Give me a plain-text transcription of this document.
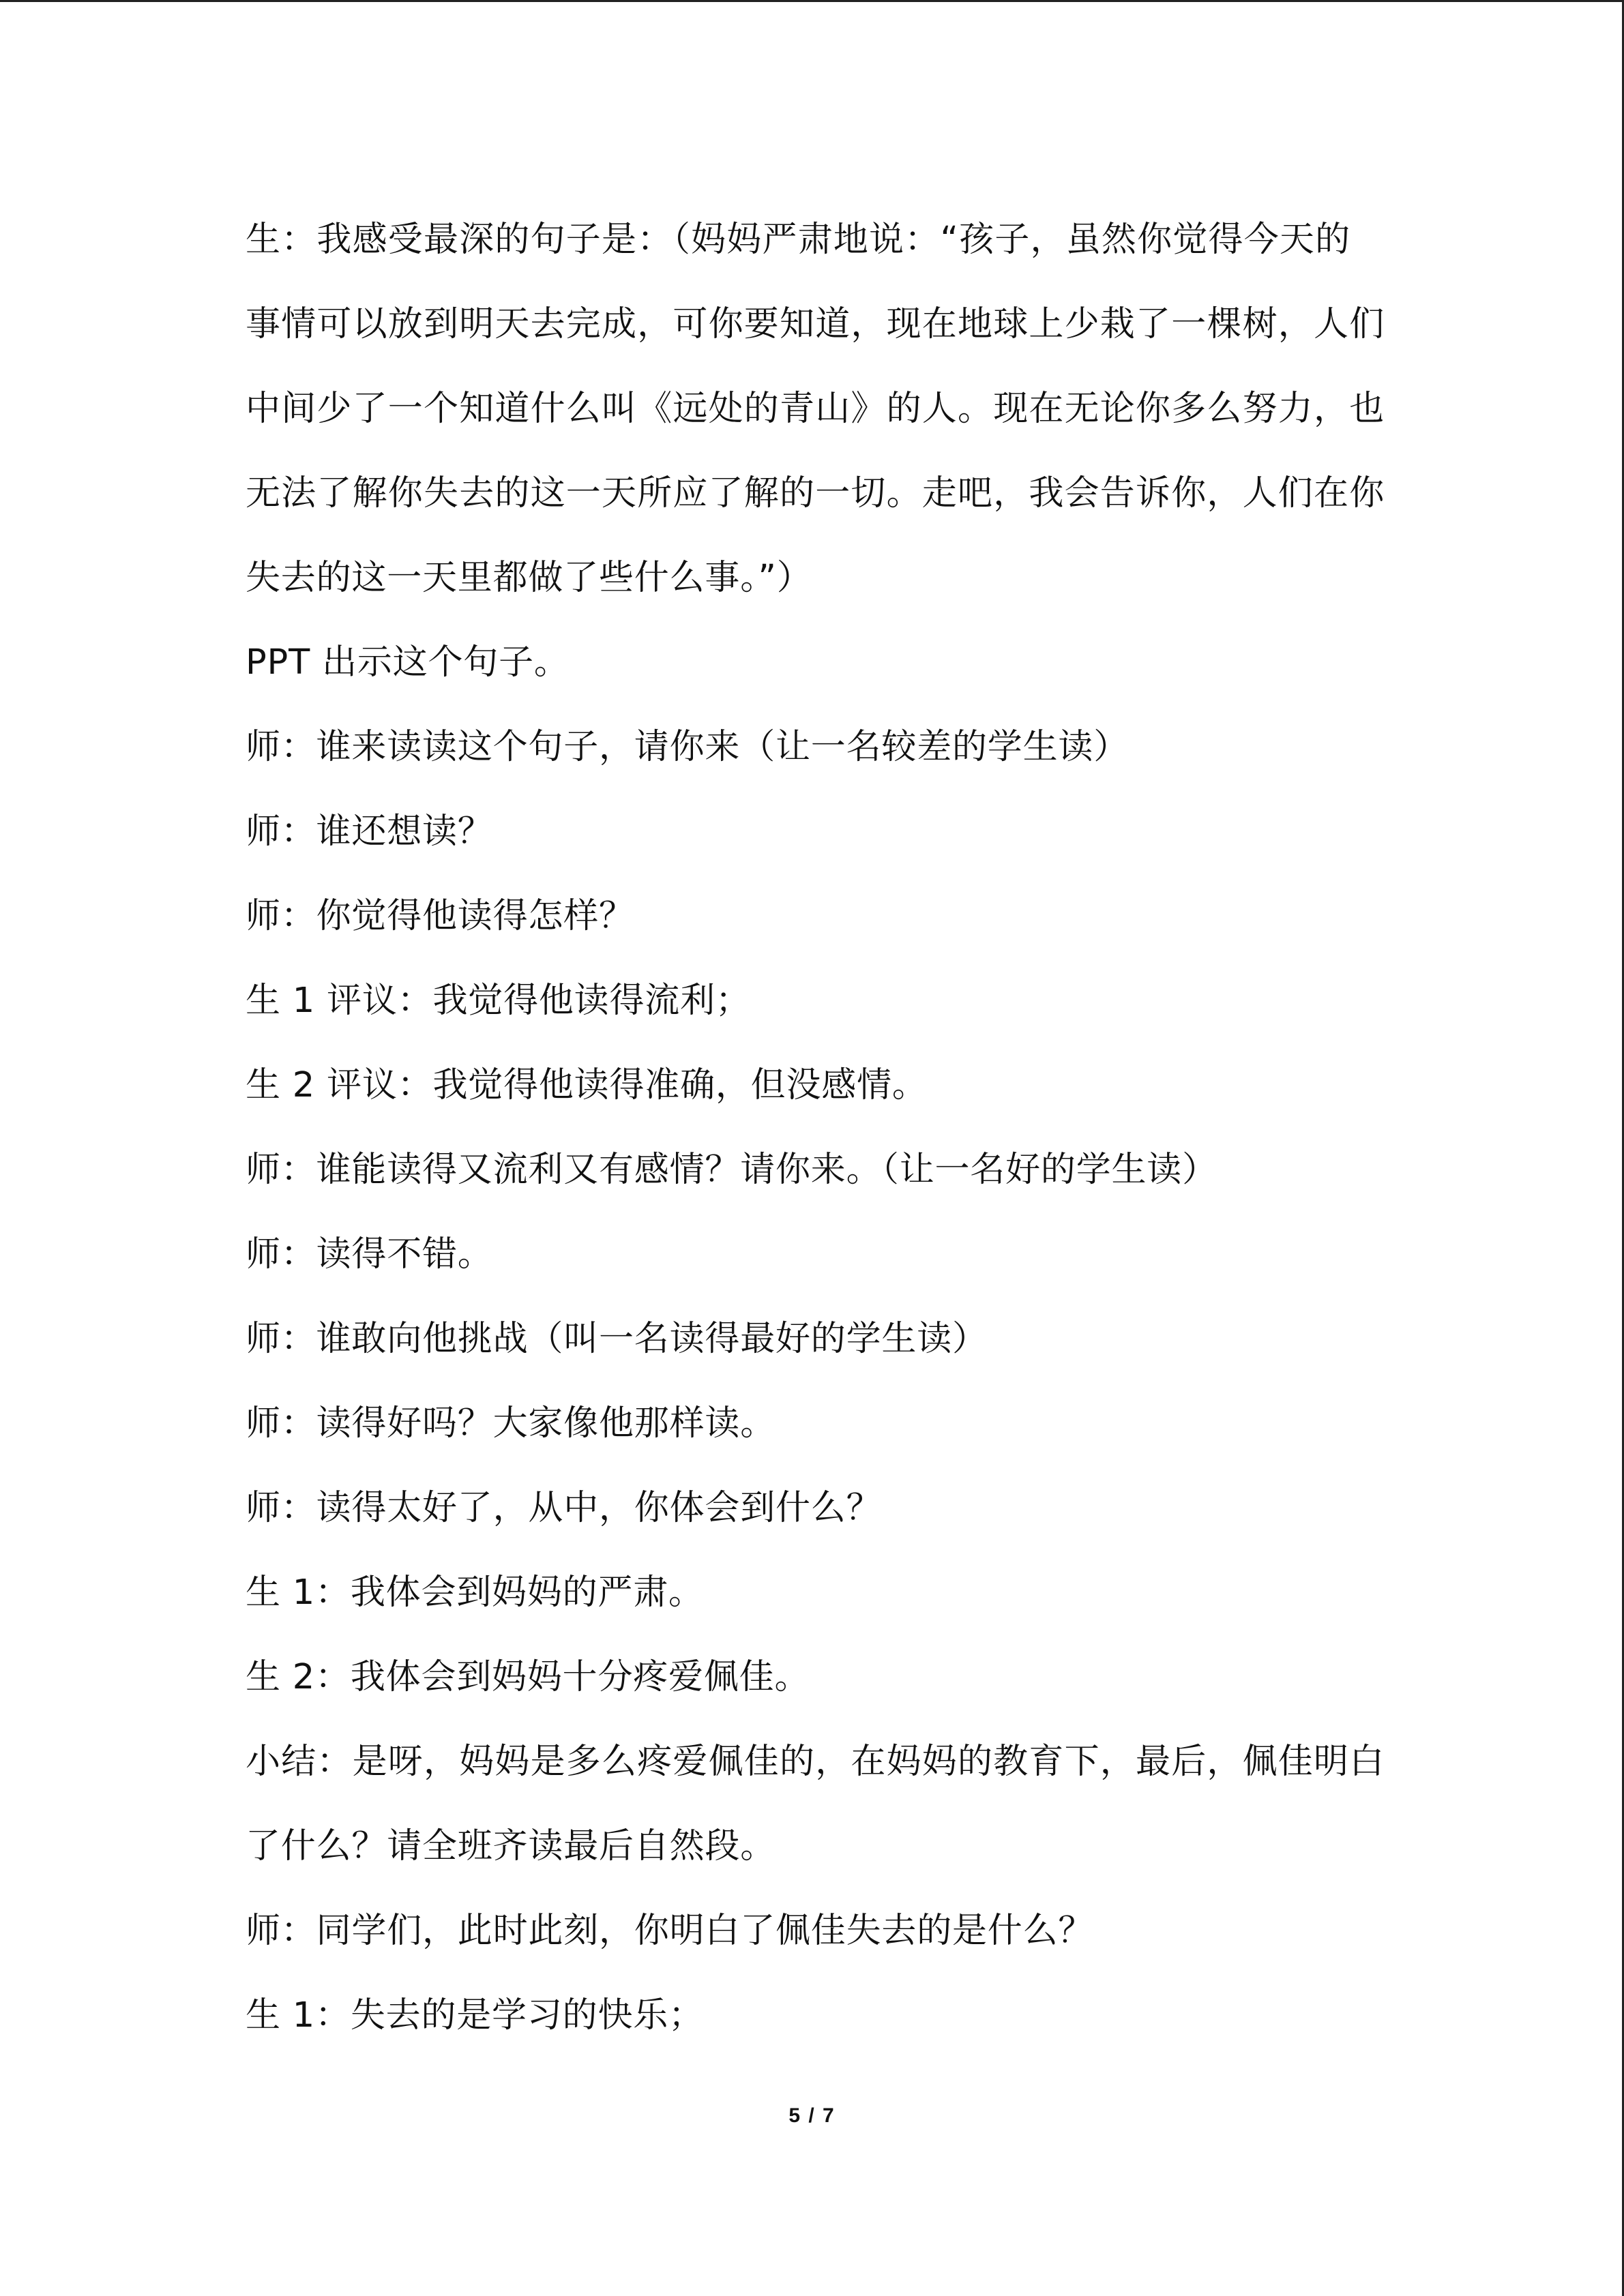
生：我感受最深的句子是：（妈妈严肃地说：“孩子，虽然你觉得今天的
事情可以放到明天去完成，可你要知道，现在地球上少栽了一棵树，人们
中间少了一个知道什么叫《远处的青山》的人。现在无论你多么努力，也
无法了解你失去的这一天所应了解的一切。走吧，我会告诉你，人们在你
失去的这一天里都做了些什么事。”）
PPT 出示这个句子。
师：谁来读读这个句子，请你来（让一名较差的学生读）
师：谁还想读？
师：你觉得他读得怎样？
生 1 评议：我觉得他读得流利；
生 2 评议：我觉得他读得准确，但没感情。
师：谁能读得又流利又有感情？请你来。（让一名好的学生读）
师：读得不错。
师：谁敢向他挑战（叫一名读得最好的学生读）
师：读得好吗？大家像他那样读。
师：读得太好了，从中，你体会到什么？
生 1：我体会到妈妈的严肃。
生 2：我体会到妈妈十分疼爱佩佳。
小结：是呀，妈妈是多么疼爱佩佳的，在妈妈的教育下，最后，佩佳明白
了什么？请全班齐读最后自然段。
师：同学们，此时此刻，你明白了佩佳失去的是什么？
生 1：失去的是学习的快乐；
5 / 7
